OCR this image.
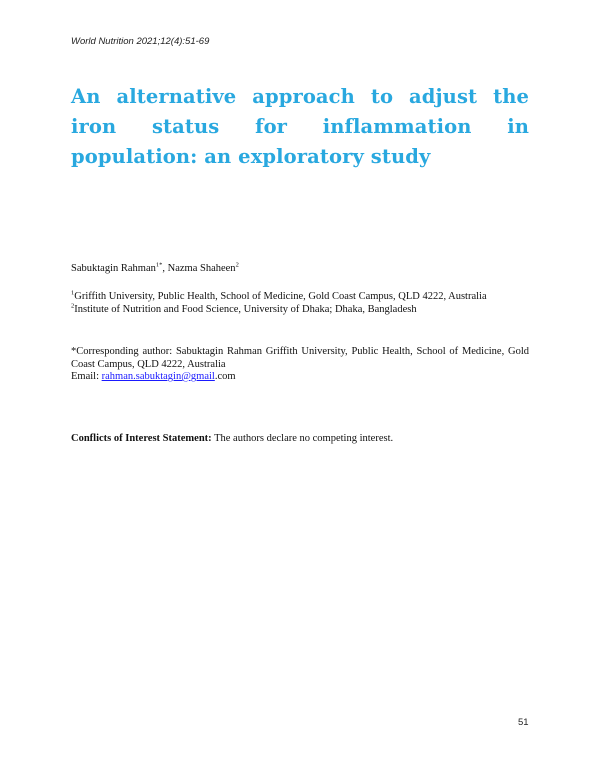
World Nutrition 2021;12(4):51-69
An alternative approach to adjust the iron status for inflammation in population: an exploratory study
Sabuktagin Rahman$^{1*}$, Nazma Shaheen$^2$
$^1$Griffith University, Public Health, School of Medicine, Gold Coast Campus, QLD 4222, Australia
$^2$Institute of Nutrition and Food Science, University of Dhaka; Dhaka, Bangladesh
*Corresponding author: Sabuktagin Rahman Griffith University, Public Health, School of Medicine, Gold Coast Campus, QLD 4222, Australia
Email: rahman.sabuktagin@gmail.com
Conflicts of Interest Statement: The authors declare no competing interest.
51
